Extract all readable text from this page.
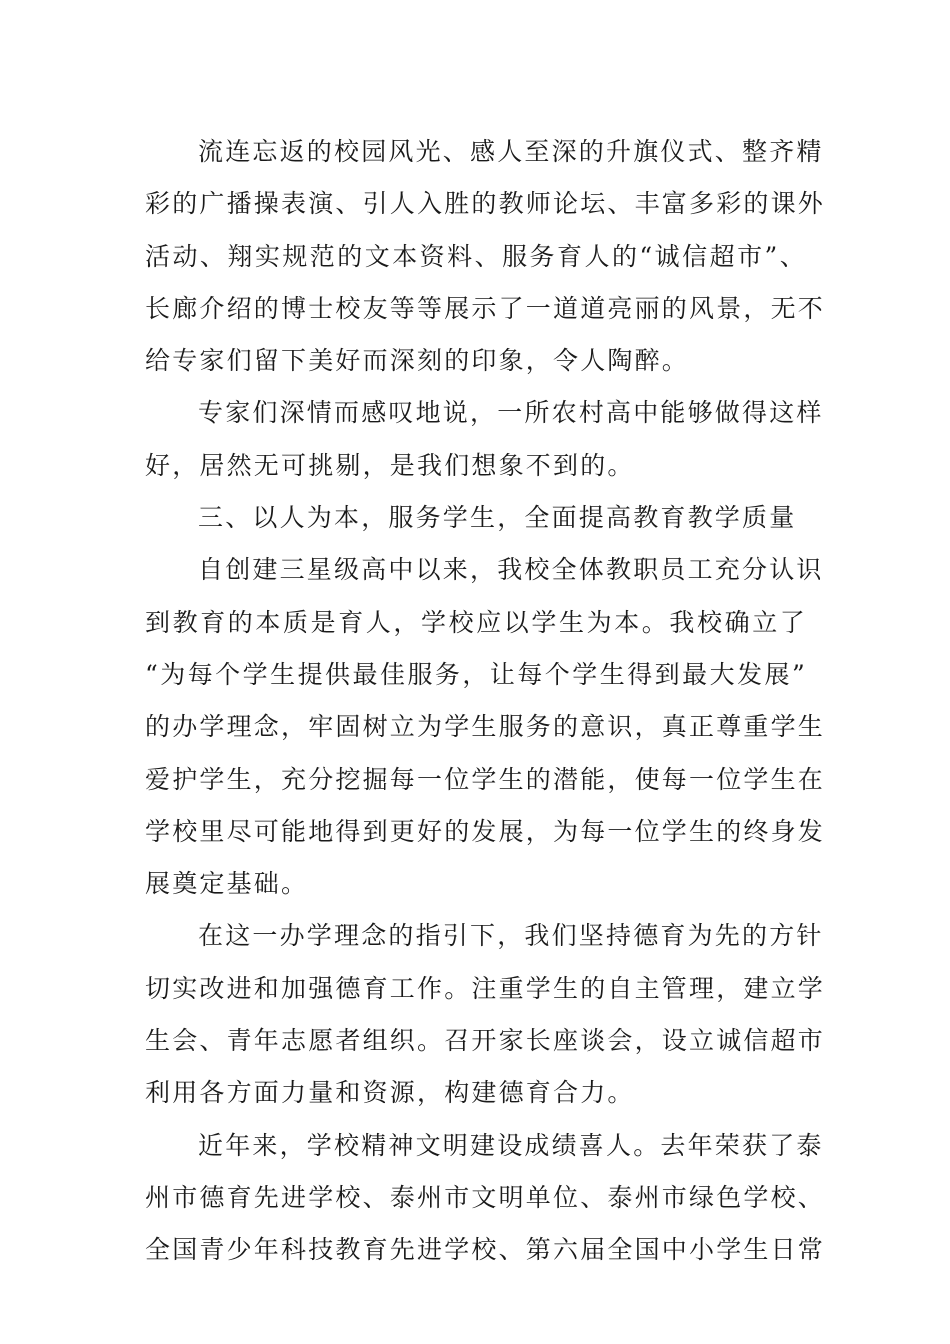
流连忘返的校园风光、感人至深的升旗仪式、整齐精
彩的广播操表演、引人入胜的教师论坛、丰富多彩的课外
活动、翔实规范的文本资料、服务育人的“诚信超市”、
长廊介绍的博士校友等等展示了一道道亮丽的风景，无不
给专家们留下美好而深刻的印象，令人陶醉。
专家们深情而感叹地说，一所农村高中能够做得这样
好，居然无可挑剔，是我们想象不到的。
三、以人为本，服务学生，全面提高教育教学质量
自创建三星级高中以来，我校全体教职员工充分认识
到教育的本质是育人，学校应以学生为本。我校确立了
“为每个学生提供最佳服务，让每个学生得到最大发展”
的办学理念，牢固树立为学生服务的意识，真正尊重学生
爱护学生，充分挖掘每一位学生的潜能，使每一位学生在
学校里尽可能地得到更好的发展，为每一位学生的终身发
展奠定基础。
在这一办学理念的指引下，我们坚持德育为先的方针
切实改进和加强德育工作。注重学生的自主管理，建立学
生会、青年志愿者组织。召开家长座谈会，设立诚信超市
利用各方面力量和资源，构建德育合力。
近年来，学校精神文明建设成绩喜人。去年荣获了泰
州市德育先进学校、泰州市文明单位、泰州市绿色学校、
全国青少年科技教育先进学校、第六届全国中小学生日常
